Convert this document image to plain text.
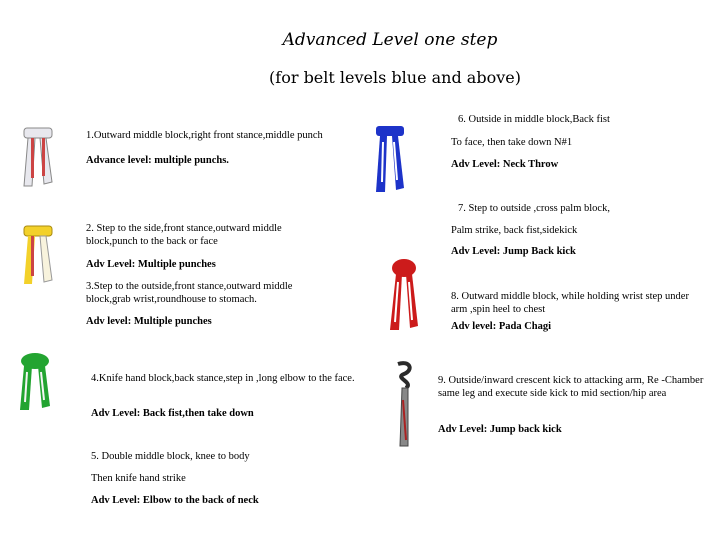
Advanced Level one step
(for belt levels blue and above)
1.Outward middle block,right front stance,middle punch
Advance level: multiple punchs.
2. Step to the side,front stance,outward middle block,punch to the back or face
Adv Level: Multiple punches
3.Step to the outside,front stance,outward middle block,grab wrist,roundhouse to stomach.
Adv level: Multiple punches
4.Knife hand block,back stance,step in ,long elbow to the face.
Adv Level: Back fist,then take down
5. Double middle block, knee to body
Then knife hand strike
Adv Level: Elbow to the back of neck
6. Outside in middle block,Back fist
To face, then take down N#1
Adv Level: Neck Throw
7. Step to outside ,cross palm block,
Palm strike, back fist,sidekick
Adv Level: Jump Back kick
8. Outward middle block, while holding wrist step under arm ,spin heel to chest
Adv level: Pada Chagi
9. Outside/inward crescent kick to attacking arm, Re -Chamber same leg and execute side kick to mid section/hip area
Adv Level: Jump back kick
